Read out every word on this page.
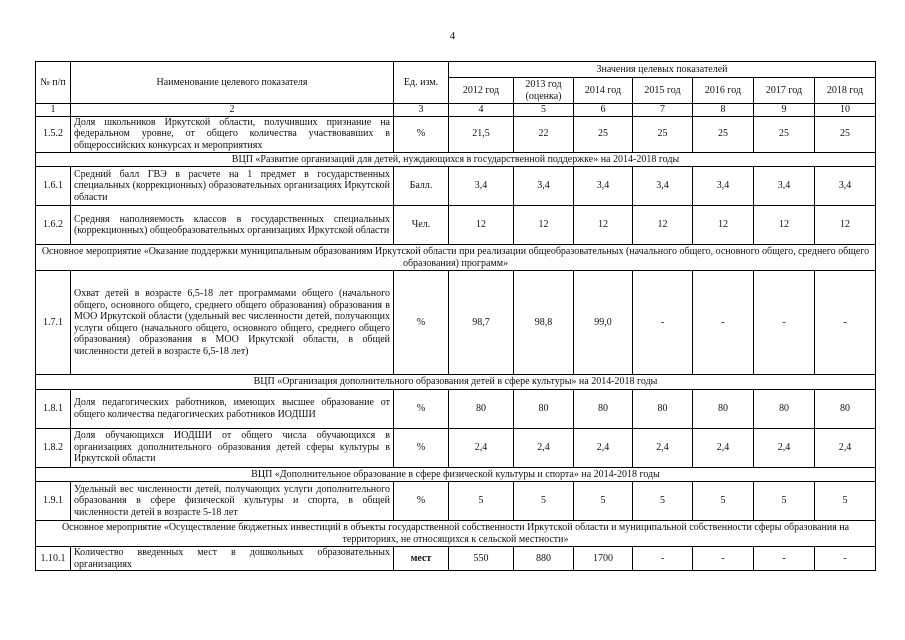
4
№ п/п	Наименование целевого показателя	Ед. изм.	Значения целевых показателей						
			2012 год	2013 год (оценка)	2014 год	2015 год	2016 год	2017 год	2018 год
1	2	3	4	5	6	7	8	9	10
1.5.2	Доля школьников Иркутской области, получивших признание на федеральном уровне, от общего количества участвовавших в общероссийских конкурсах и мероприятиях	%	21,5	22	25	25	25	25	25
ВЦП «Развитие организаций для детей, нуждающихся в государственной поддержке» на 2014-2018 годы									
1.6.1	Средний балл ГВЭ в расчете на 1 предмет в государственных специальных (коррекционных) образовательных организациях Иркутской области	Балл.	3,4	3,4	3,4	3,4	3,4	3,4	3,4
1.6.2	Средняя наполняемость классов в государственных специальных (коррекционных) общеобразовательных организациях Иркутской области	Чел.	12	12	12	12	12	12	12
Основное мероприятие «Оказание поддержки муниципальным образованиям Иркутской области при реализации общеобразовательных (начального общего, основного общего, среднего общего образования) программ»									
1.7.1	Охват детей в возрасте 6,5-18 лет программами общего (начального общего, основного общего, среднего общего образования) образования в МОО Иркутской области (удельный вес численности детей, получающих услуги общего (начального общего, основного общего, среднего общего образования) образования в МОО Иркутской области, в общей численности детей в возрасте 6,5-18 лет)	%	98,7	98,8	99,0	-	-	-	-
ВЦП «Организация дополнительного образования детей в сфере культуры» на 2014-2018 годы									
1.8.1	Доля педагогических работников, имеющих высшее образование от общего количества педагогических работников ИОДШИ	%	80	80	80	80	80	80	80
1.8.2	Доля обучающихся ИОДШИ от общего числа обучающихся в организациях дополнительного образования детей сферы культуры в Иркутской области	%	2,4	2,4	2,4	2,4	2,4	2,4	2,4
ВЦП «Дополнительное образование в сфере физической культуры и спорта» на 2014-2018 годы									
1.9.1	Удельный вес численности детей, получающих услуги дополнительного образования в сфере физической культуры и спорта, в общей численности детей в возрасте 5-18 лет	%	5	5	5	5	5	5	5
Основное мероприятие «Осуществление бюджетных инвестиций в объекты государственной собственности Иркутской области и муниципальной собственности сферы образования на территориях, не относящихся к сельской местности»									
1.10.1	Количество введенных мест в дошкольных образовательных организациях	мест	550	880	1700	-	-	-	-
